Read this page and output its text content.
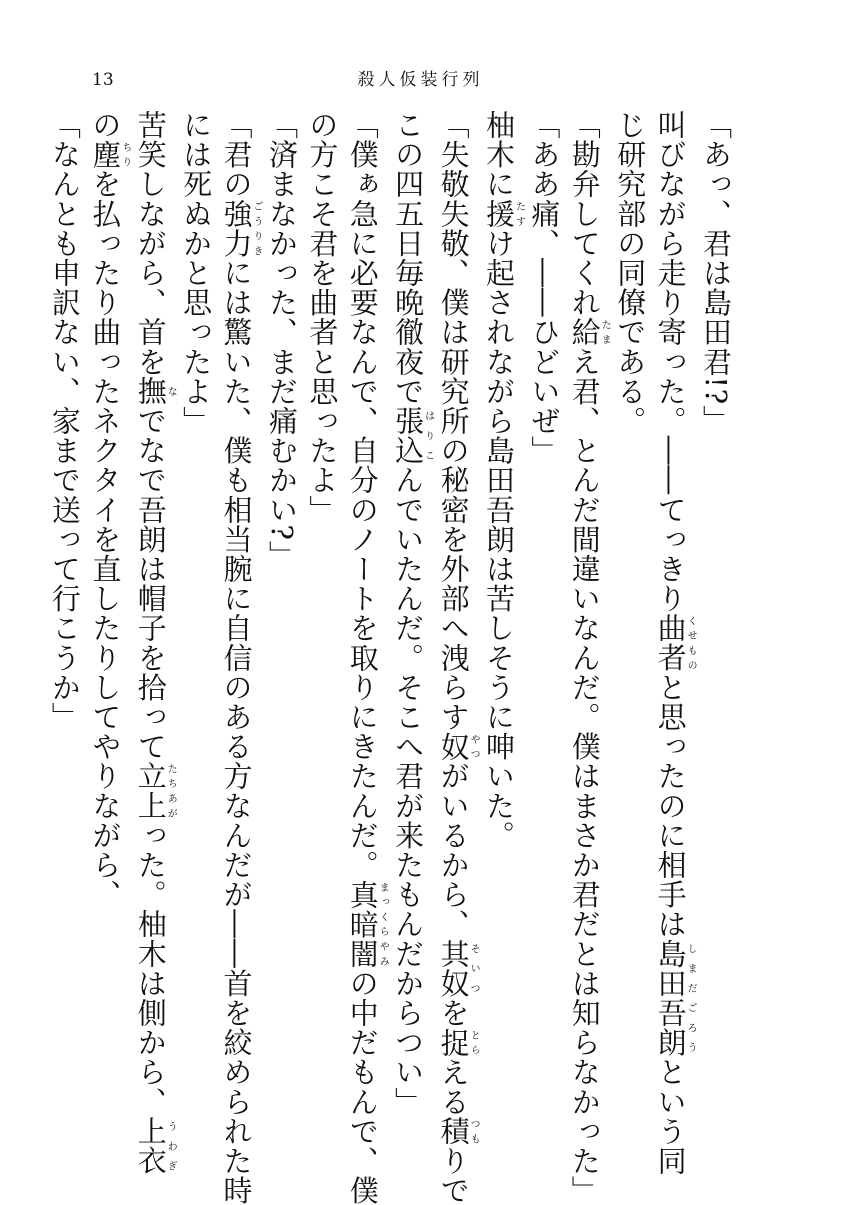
13	殺人仮装行列
「あっ、君は島田君!?」
叫びながら走り寄った。――てっきり曲者くせものと思ったのに相手は島田しまだ吾朗ごろうという同
じ研究部の同僚である。
「勘弁してくれ給たまえ君、とんだ間違いなんだ。僕はまさか君だとは知らなかった」
「ああ痛、――ひどいぜ」
柚木に援たすけ起されながら島田吾朗は苦しそうに呻いた。
「失敬失敬、僕は研究所の秘密を外部へ洩らす奴やつがいるから、其奴そいつを捉とらえる積つもりで
この四五日毎晩徹夜で張込はりこんでいたんだ。そこへ君が来たもんだからつい」
「僕ぁ急に必要なんで、自分のノートを取りにきたんだ。真暗闇まっくらやみの中だもんで、僕
の方こそ君を曲者と思ったよ」
「済まなかった、まだ痛むかい?」
「君の強力ごうりきには驚いた、僕も相当腕に自信のある方なんだが――首を絞められた時
には死ぬかと思ったよ」
苦笑しながら、首を撫なでなで吾朗は帽子を拾って立上たちあがった。柚木は側から、上衣うわぎ
の塵ちりを払ったり曲ったネクタイを直したりしてやりながら、
「なんとも申訳ない、家まで送って行こうか」
